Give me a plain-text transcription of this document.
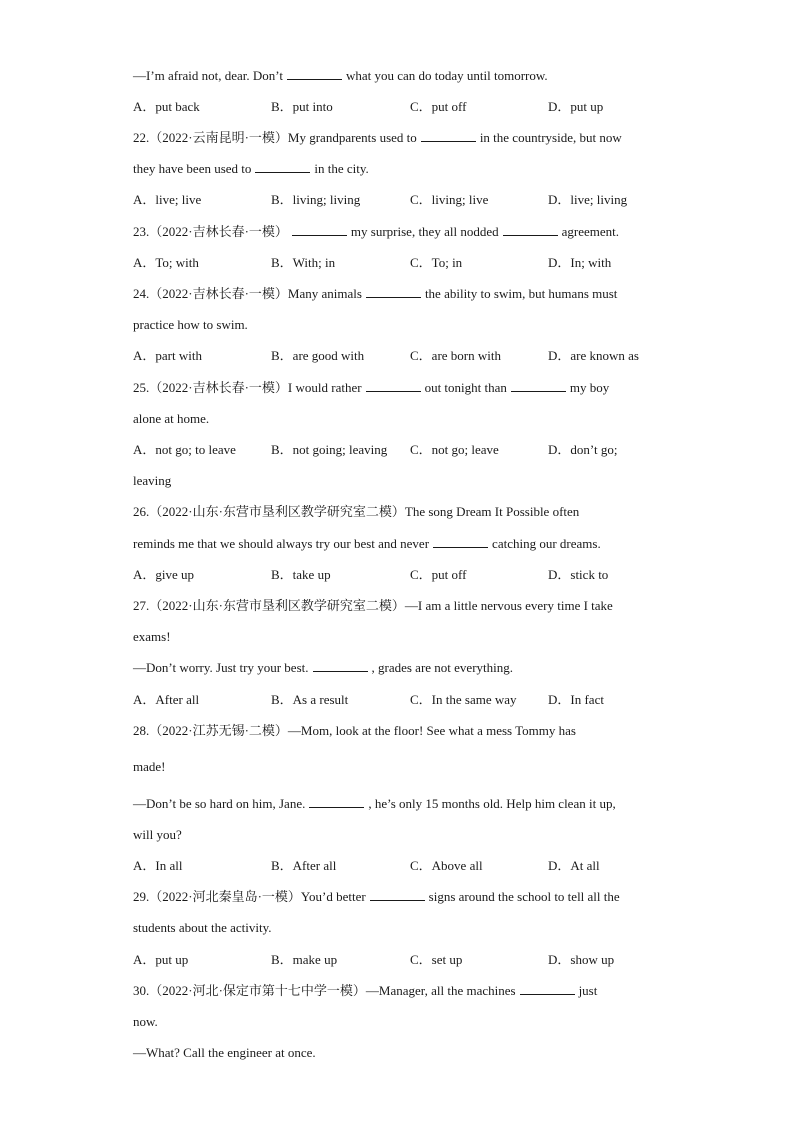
—I’m afraid not, dear. Don’t	what you can do today until tomorrow.
A．put back	B．put into	C．put off	D．put up
22.（2022·云南昆明·一模）My grandparents used to	in the countryside, but now
they have been used to	in the city.
A．live; live	B．living; living	C．living; live	D．live; living
23.（2022·吉林长春·一模）	my surprise, they all nodded	agreement.
A．To; with	B．With; in	C．To; in	D．In; with
24.（2022·吉林长春·一模）Many animals	the ability to swim, but humans must
practice how to swim.
A．part with	B．are good with	C．are born with	D．are known as
25.（2022·吉林长春·一模）I would rather	out tonight than	my boy
alone at home.
A．not go; to leave	B．not going; leaving C．not go; leave	D．don’t go;
leaving
26.（2022·山东·东营市垦利区教学研究室二模）The song Dream It Possible often
reminds me that we should always try our best and never	catching our dreams.
A．give up	B．take up	C．put off	D．stick to
27.（2022·山东·东营市垦利区教学研究室二模）—I am a little nervous every time I take
exams!
—Don’t worry. Just try your best.	, grades are not everything.
A．After all	B．As a result	C．In the same way D．In fact
28.（2022·江苏无锡·二模）—Mom, look at the floor! See what a mess Tommy has
made!
—Don’t be so hard on him, Jane.	, he’s only 15 months old. Help him clean it up,
will you?
A．In all	B．After all	C．Above all	D．At all
29.（2022·河北秦皇岛·一模）You’d better	signs around the school to tell all the
students about the activity.
A．put up	B．make up	C．set up	D．show up
30.（2022·河北·保定市第十七中学一模）—Manager, all the machines	just
now.
—What? Call the engineer at once.
